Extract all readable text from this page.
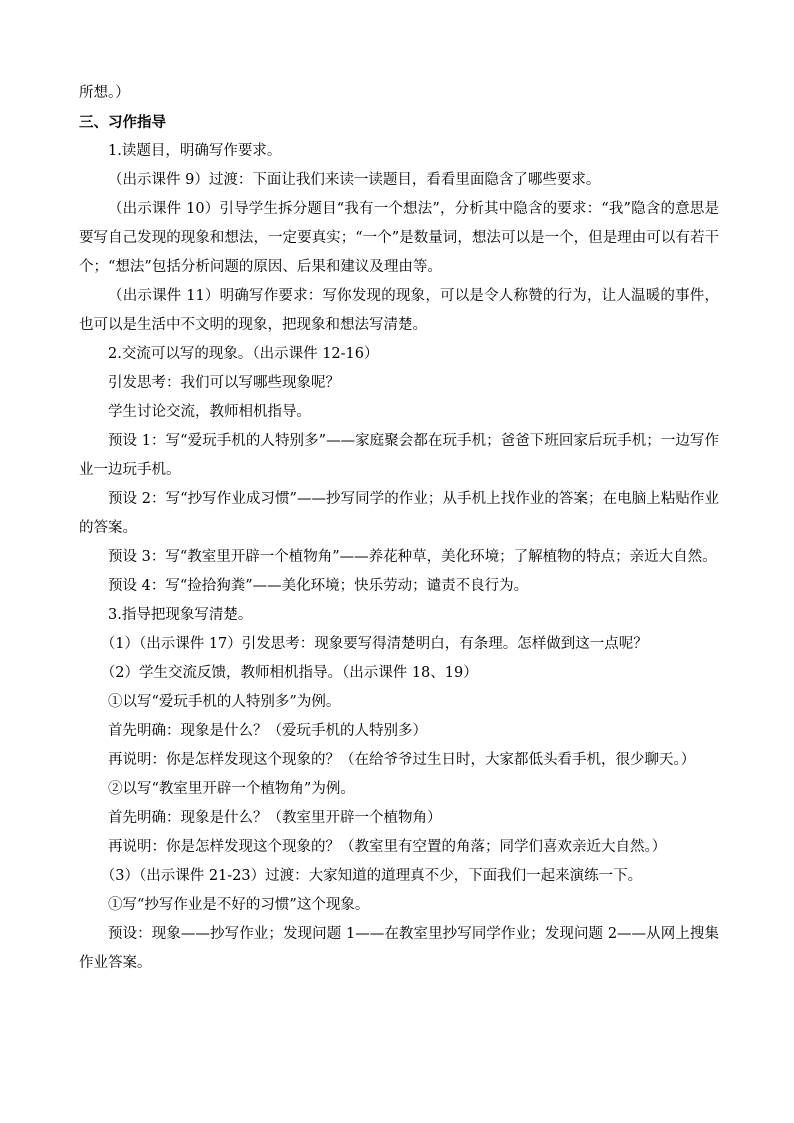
所想。）

三、习作指导

1.读题目，明确写作要求。

（出示课件 9）过渡：下面让我们来读一读题目，看看里面隐含了哪些要求。

（出示课件 10）引导学生拆分题目“我有一个想法”，分析其中隐含的要求：“我”隐含的意思是要写自己发现的现象和想法，一定要真实；“一个”是数量词，想法可以是一个，但是理由可以有若干个；“想法”包括分析问题的原因、后果和建议及理由等。

（出示课件 11）明确写作要求：写你发现的现象，可以是令人称赞的行为，让人温暖的事件，也可以是生活中不文明的现象，把现象和想法写清楚。

2.交流可以写的现象。（出示课件 12-16）

引发思考：我们可以写哪些现象呢？

学生讨论交流，教师相机指导。

预设 1：写“爱玩手机的人特别多”——家庭聚会都在玩手机；爸爸下班回家后玩手机；一边写作业一边玩手机。

预设 2：写“抄写作业成习惯”——抄写同学的作业；从手机上找作业的答案；在电脑上粘贴作业的答案。

预设 3：写“教室里开辟一个植物角”——养花种草，美化环境；了解植物的特点；亲近大自然。

预设 4：写“捡拾狗粪”——美化环境；快乐劳动；谴责不良行为。

3.指导把现象写清楚。

（1）（出示课件 17）引发思考：现象要写得清楚明白，有条理。怎样做到这一点呢？

（2）学生交流反馈，教师相机指导。（出示课件 18、19）

①以写“爱玩手机的人特别多”为例。

首先明确：现象是什么？（爱玩手机的人特别多）

再说明：你是怎样发现这个现象的？（在给爷爷过生日时，大家都低头看手机，很少聊天。）

②以写“教室里开辟一个植物角”为例。

首先明确：现象是什么？（教室里开辟一个植物角）

再说明：你是怎样发现这个现象的？（教室里有空置的角落；同学们喜欢亲近大自然。）

（3）（出示课件 21-23）过渡：大家知道的道理真不少，下面我们一起来演练一下。

①写“抄写作业是不好的习惯”这个现象。

预设：现象——抄写作业；发现问题 1——在教室里抄写同学作业；发现问题 2——从网上搜集作业答案。
